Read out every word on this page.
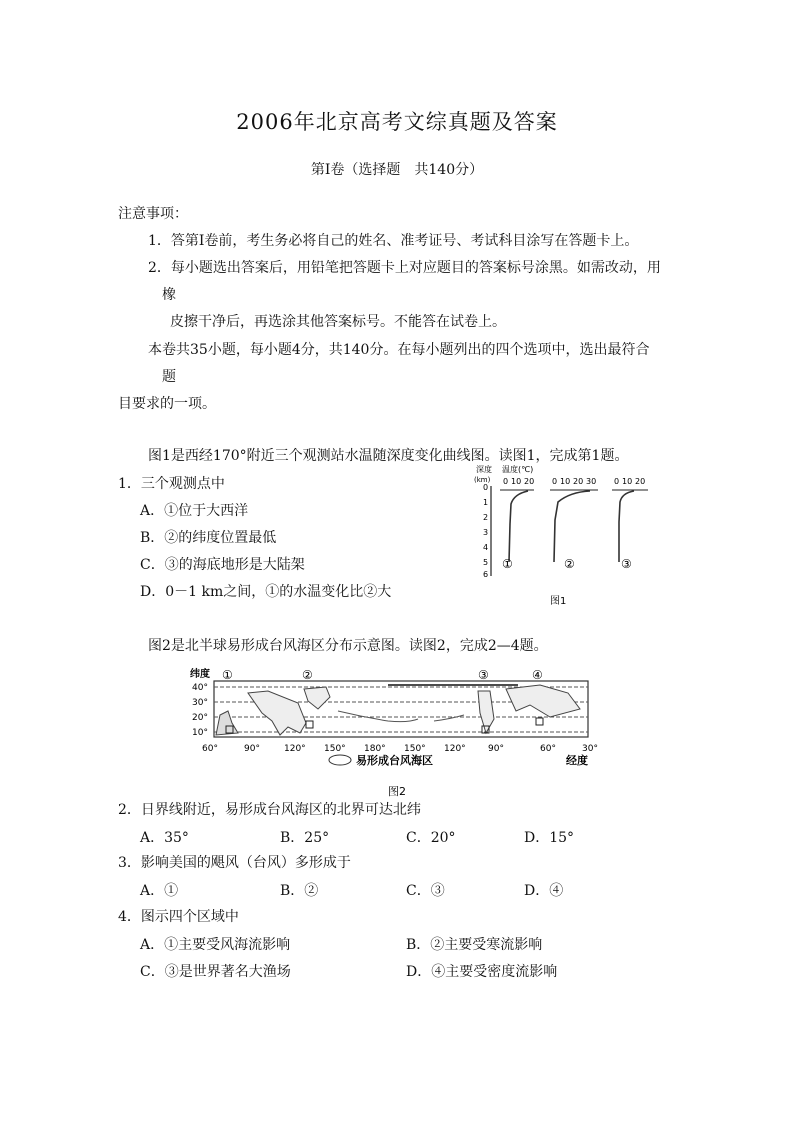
2006年北京高考文综真题及答案
第Ⅰ卷（选择题　共140分）
注意事项：
1．答第Ⅰ卷前，考生务必将自己的姓名、准考证号、考试科目涂写在答题卡上。
2．每小题选出答案后，用铅笔把答题卡上对应题目的答案标号涂黑。如需改动，用
橡
皮擦干净后，再选涂其他答案标号。不能答在试卷上。
本卷共35小题，每小题4分，共140分。在每小题列出的四个选项中，选出最符合
题
目要求的一项。
图1是西经170°附近三个观测站水温随深度变化曲线图。读图1，完成第1题。
1．三个观测点中
A．①位于大西洋
B．②的纬度位置最低
C．③的海底地形是大陆架
D．0－1 km之间，①的水温变化比②大
深度 温度(℃)
(km)
0
1
2
3
4
5
6
0 10 20
①
0 10 20 30
②
0 10 20
③
图1
图2是北半球易形成台风海区分布示意图。读图2，完成2—4题。
纬度
40°
30°
20°
10°
①	②	③	④
60°	90°	120° 150° 180° 150° 120° 90°	60°	30°
易形成台风海区	经度
图2
2．日界线附近，易形成台风海区的北界可达北纬
A．35°	B．25°	C．20°	D．15°
3．影响美国的飓风（台风）多形成于
A．①	B．②	C．③	D．④
4．图示四个区域中
A．①主要受风海流影响	B．②主要受寒流影响
C．③是世界著名大渔场	D．④主要受密度流影响
